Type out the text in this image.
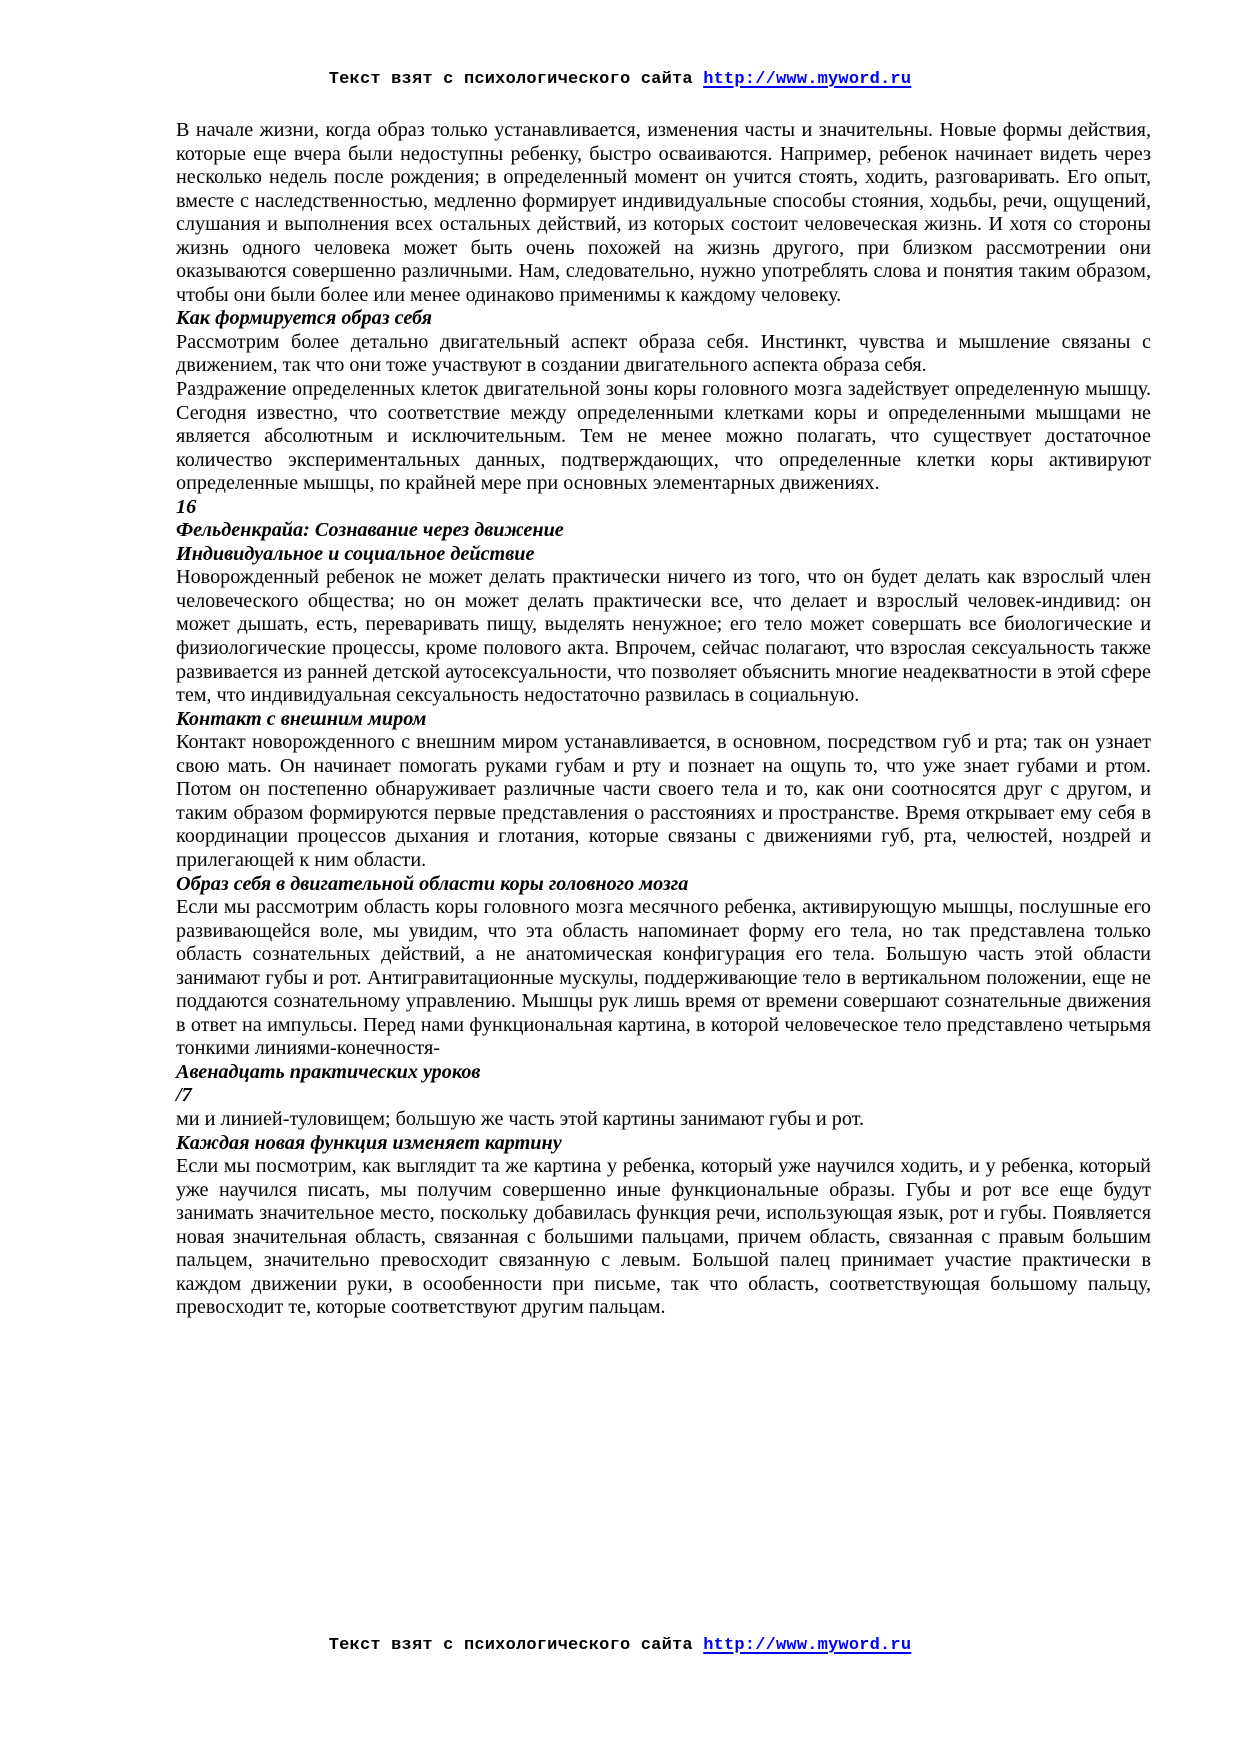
Текст взят с психологического сайта http://www.myword.ru

В начале жизни, когда образ только устанавливается, изменения часты и значительны. Новые формы действия, которые еще вчера были недоступны ребенку, быстро осваиваются. Например, ребенок начинает видеть через несколько недель после рождения; в определенный момент он учится стоять, ходить, разговаривать. Его опыт, вместе с наследственностью, медленно формирует индивидуальные способы стояния, ходьбы, речи, ощущений, слушания и выполнения всех остальных действий, из которых состоит человеческая жизнь. И хотя со стороны жизнь одного человека может быть очень похожей на жизнь другого, при близком рассмотрении они оказываются совершенно различными. Нам, следовательно, нужно употреблять слова и понятия таким образом, чтобы они были более или менее одинаково применимы к каждому человеку.

Как формируется образ себя

Рассмотрим более детально двигательный аспект образа себя. Инстинкт, чувства и мышление связаны с движением, так что они тоже участвуют в создании двигательного аспекта образа себя.

Раздражение определенных клеток двигательной зоны коры головного мозга задействует определенную мышцу. Сегодня известно, что соответствие между определенными клетками коры и определенными мышцами не является абсолютным и исключительным. Тем не менее можно полагать, что существует достаточное количество экспериментальных данных, подтверждающих, что определенные клетки коры активируют определенные мышцы, по крайней мере при основных элементарных движениях.

16

Фельденкрайа: Сознавание через движение

Индивидуальное и социальное действие

Новорожденный ребенок не может делать практически ничего из того, что он будет делать как взрослый член человеческого общества; но он может делать практически все, что делает и взрослый человек-индивид: он может дышать, есть, переваривать пищу, выделять ненужное; его тело может совершать все биологические и физиологические процессы, кроме полового акта. Впрочем, сейчас полагают, что взрослая сексуальность также развивается из ранней детской аутосексуальности, что позволяет объяснить многие неадекватности в этой сфере тем, что индивидуальная сексуальность недостаточно развилась в социальную.

Контакт с внешним миром

Контакт новорожденного с внешним миром устанавливается, в основном, посредством губ и рта; так он узнает свою мать. Он начинает помогать руками губам и рту и познает на ощупь то, что уже знает губами и ртом. Потом он постепенно обнаруживает различные части своего тела и то, как они соотносятся друг с другом, и таким образом формируются первые представления о расстояниях и пространстве. Время открывает ему себя в координации процессов дыхания и глотания, которые связаны с движениями губ, рта, челюстей, ноздрей и прилегающей к ним области.

Образ себя в двигательной области коры головного мозга

Если мы рассмотрим область коры головного мозга месячного ребенка, активирующую мышцы, послушные его развивающейся воле, мы увидим, что эта область напоминает форму его тела, но так представлена только область сознательных действий, а не анатомическая конфигурация его тела. Большую часть этой области занимают губы и рот. Антигравитационные мускулы, поддерживающие тело в вертикальном положении, еще не поддаются сознательному управлению. Мышцы рук лишь время от времени совершают сознательные движения в ответ на импульсы. Перед нами функциональная картина, в которой человеческое тело представлено четырьмя тонкими линиями-конечностя-

Авенадцать практических уроков

/7

ми и линией-туловищем; большую же часть этой картины занимают губы и рот.

Каждая новая функция изменяет картину

Если мы посмотрим, как выглядит та же картина у ребенка, который уже научился ходить, и у ребенка, который уже научился писать, мы получим совершенно иные функциональные образы. Губы и рот все еще будут занимать значительное место, поскольку добавилась функция речи, использующая язык, рот и губы. Появляется новая значительная область, связанная с большими пальцами, причем область, связанная с правым большим пальцем, значительно превосходит связанную с левым. Большой палец принимает участие практически в каждом движении руки, в осообенности при письме, так что область, соответствующая большому пальцу, превосходит те, которые соответствуют другим пальцам.

Текст взят с психологического сайта http://www.myword.ru
